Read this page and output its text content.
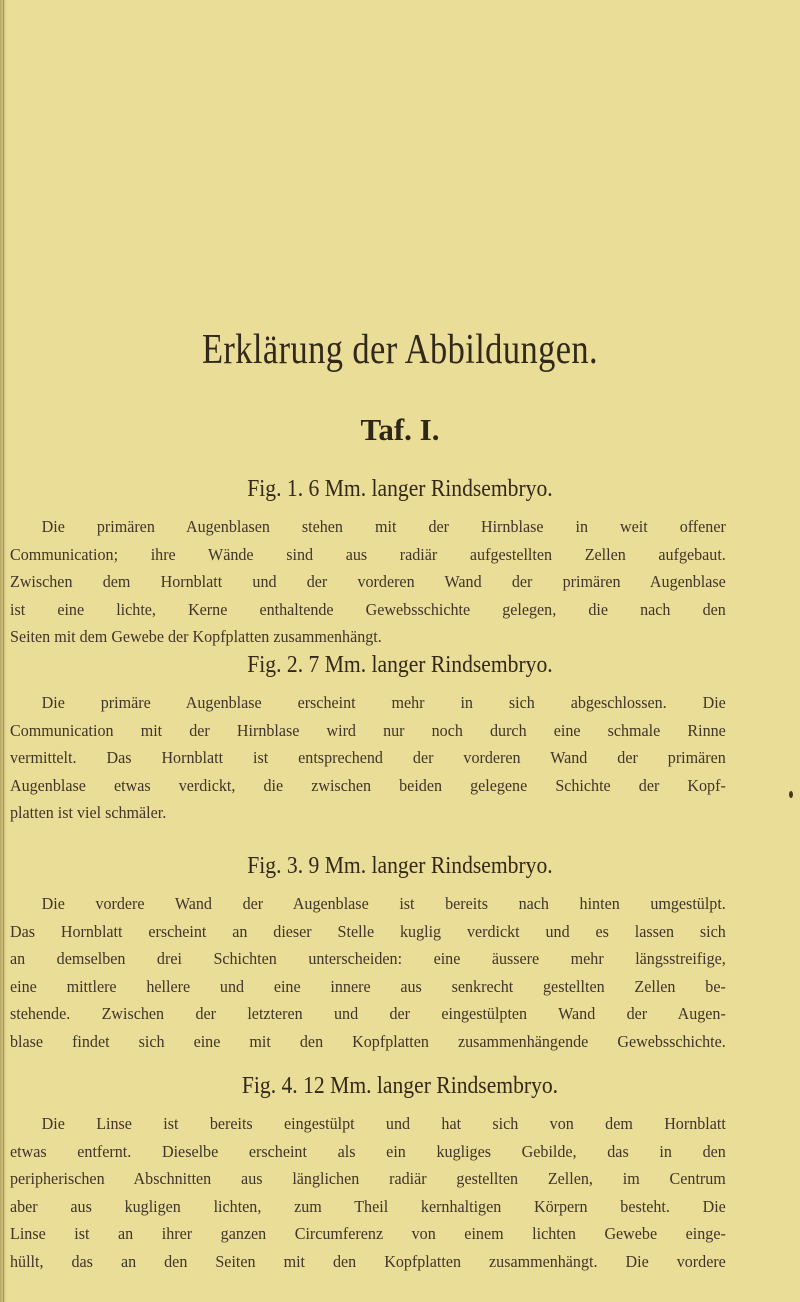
Erklärung der Abbildungen.
Taf. I.
Fig. 1. 6 Mm. langer Rindsembryo.
Die primären Augenblasen stehen mit der Hirnblase in weit offener
Communication; ihre Wände sind aus radiär aufgestellten Zellen aufgebaut.
Zwischen dem Hornblatt und der vorderen Wand der primären Augenblase
ist eine lichte, Kerne enthaltende Gewebsschichte gelegen, die nach den
Seiten mit dem Gewebe der Kopfplatten zusammenhängt.
Fig. 2. 7 Mm. langer Rindsembryo.
Die primäre Augenblase erscheint mehr in sich abgeschlossen. Die
Communication mit der Hirnblase wird nur noch durch eine schmale Rinne
vermittelt. Das Hornblatt ist entsprechend der vorderen Wand der primären
Augenblase etwas verdickt, die zwischen beiden gelegene Schichte der Kopf-
platten ist viel schmäler.
Fig. 3. 9 Mm. langer Rindsembryo.
Die vordere Wand der Augenblase ist bereits nach hinten umgestülpt.
Das Hornblatt erscheint an dieser Stelle kuglig verdickt und es lassen sich
an demselben drei Schichten unterscheiden: eine äussere mehr längsstreifige,
eine mittlere hellere und eine innere aus senkrecht gestellten Zellen be-
stehende. Zwischen der letzteren und der eingestülpten Wand der Augen-
blase findet sich eine mit den Kopfplatten zusammenhängende Gewebsschichte.
Fig. 4. 12 Mm. langer Rindsembryo.
Die Linse ist bereits eingestülpt und hat sich von dem Hornblatt
etwas entfernt. Dieselbe erscheint als ein kugliges Gebilde, das in den
peripherischen Abschnitten aus länglichen radiär gestellten Zellen, im Centrum
aber aus kugligen lichten, zum Theil kernhaltigen Körpern besteht. Die
Linse ist an ihrer ganzen Circumferenz von einem lichten Gewebe einge-
hüllt, das an den Seiten mit den Kopfplatten zusammenhängt. Die vordere
